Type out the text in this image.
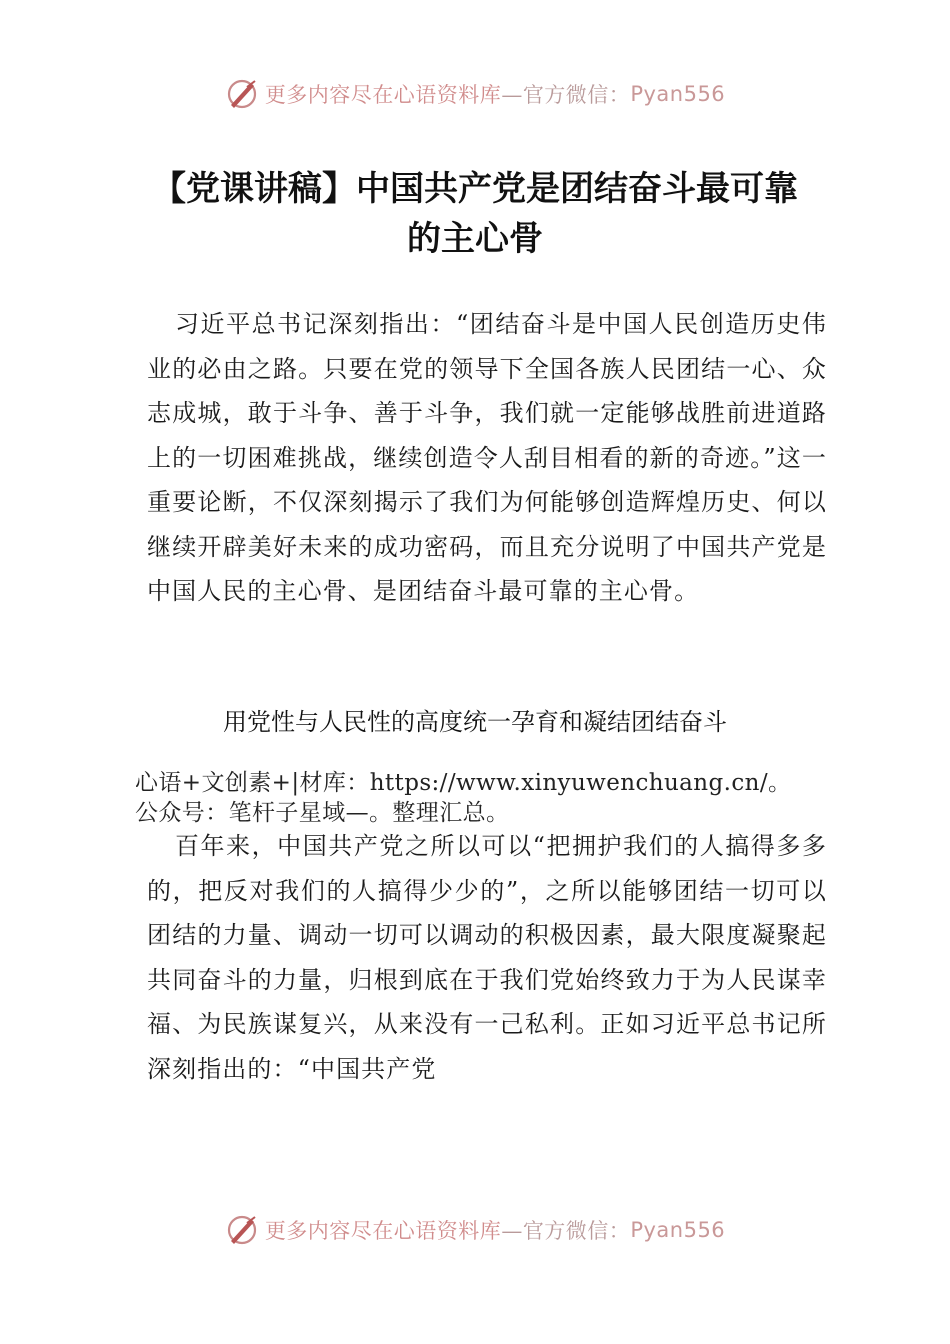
更多内容尽在心语资料库 —官方微信： Pyan556
【党课讲稿】中国共产党是团结奋斗最可靠
的主心骨

习近平总书记深刻指出：“团结奋斗是中国人民创造历史伟业的必由之路。只要在党的领导下全国各族人民团结一心、众志成城，敢于斗争、善于斗争，我们就一定能够战胜前进道路上的一切困难挑战，继续创造令人刮目相看的新的奇迹。”这一重要论断，不仅深刻揭示了我们为何能够创造辉煌历史、何以继续开辟美好未来的成功密码，而且充分说明了中国共产党是中国人民的主心骨、是团结奋斗最可靠的主心骨。

用党性与人民性的高度统一孕育和凝结团结奋斗
心语+文创素+|材库：https://www.xinyuwenchuang.cn/。
公众号：笔杆子星域—。整理汇总。

百年来，中国共产党之所以可以“把拥护我们的人搞得多多的，把反对我们的人搞得少少的”，之所以能够团结一切可以团结的力量、调动一切可以调动的积极因素，最大限度凝聚起共同奋斗的力量，归根到底在于我们党始终致力于为人民谋幸福、为民族谋复兴，从来没有一己私利。正如习近平总书记所深刻指出的：“中国共产党

更多内容尽在心语资料库 —官方微信： Pyan556
